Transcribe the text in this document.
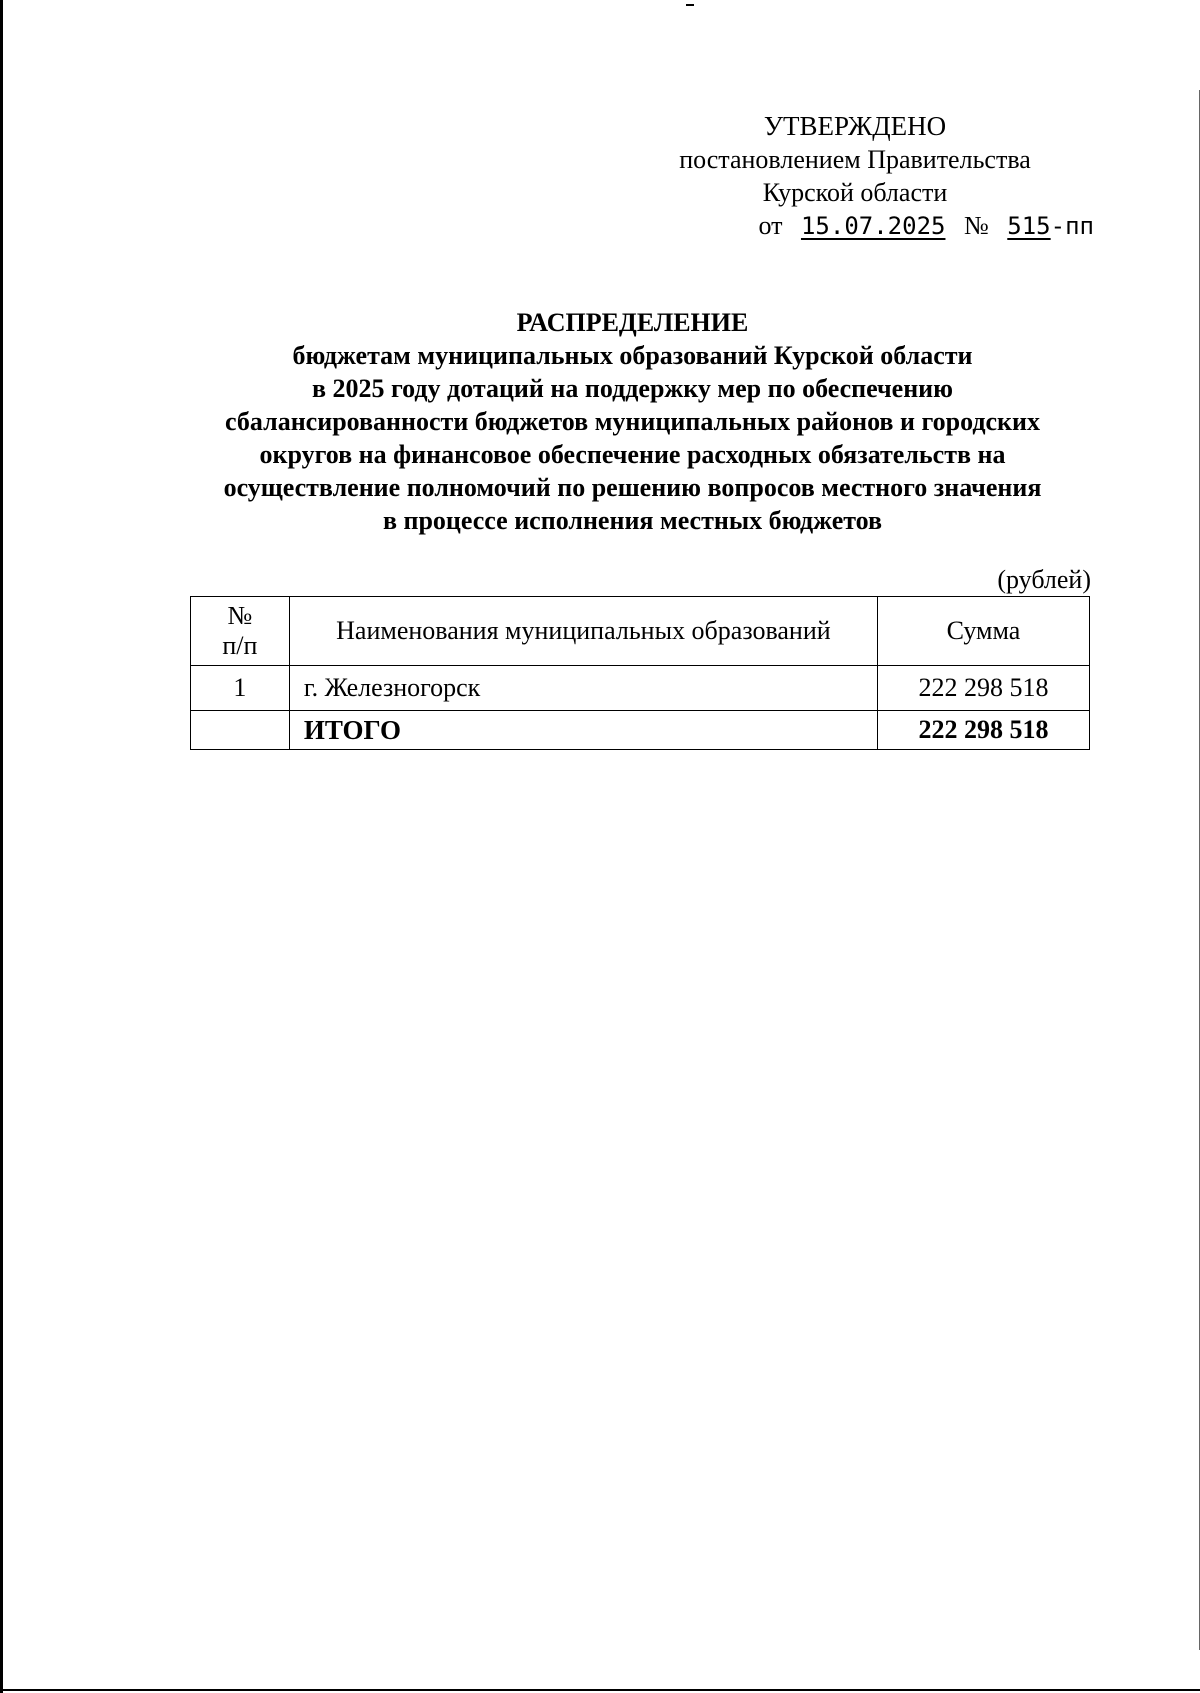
УТВЕРЖДЕНО
постановлением Правительства
Курской области
от 15.07.2025 № 515-пп
РАСПРЕДЕЛЕНИЕ
бюджетам муниципальных образований Курской области
в 2025 году дотаций на поддержку мер по обеспечению
сбалансированности бюджетов муниципальных районов и городских
округов на финансовое обеспечение расходных обязательств на
осуществление полномочий по решению вопросов местного значения
в процессе исполнения местных бюджетов
(рублей)
№
п/п	Наименования муниципальных образований	Сумма
1	г. Железногорск	222 298 518
	ИТОГО	222 298 518
